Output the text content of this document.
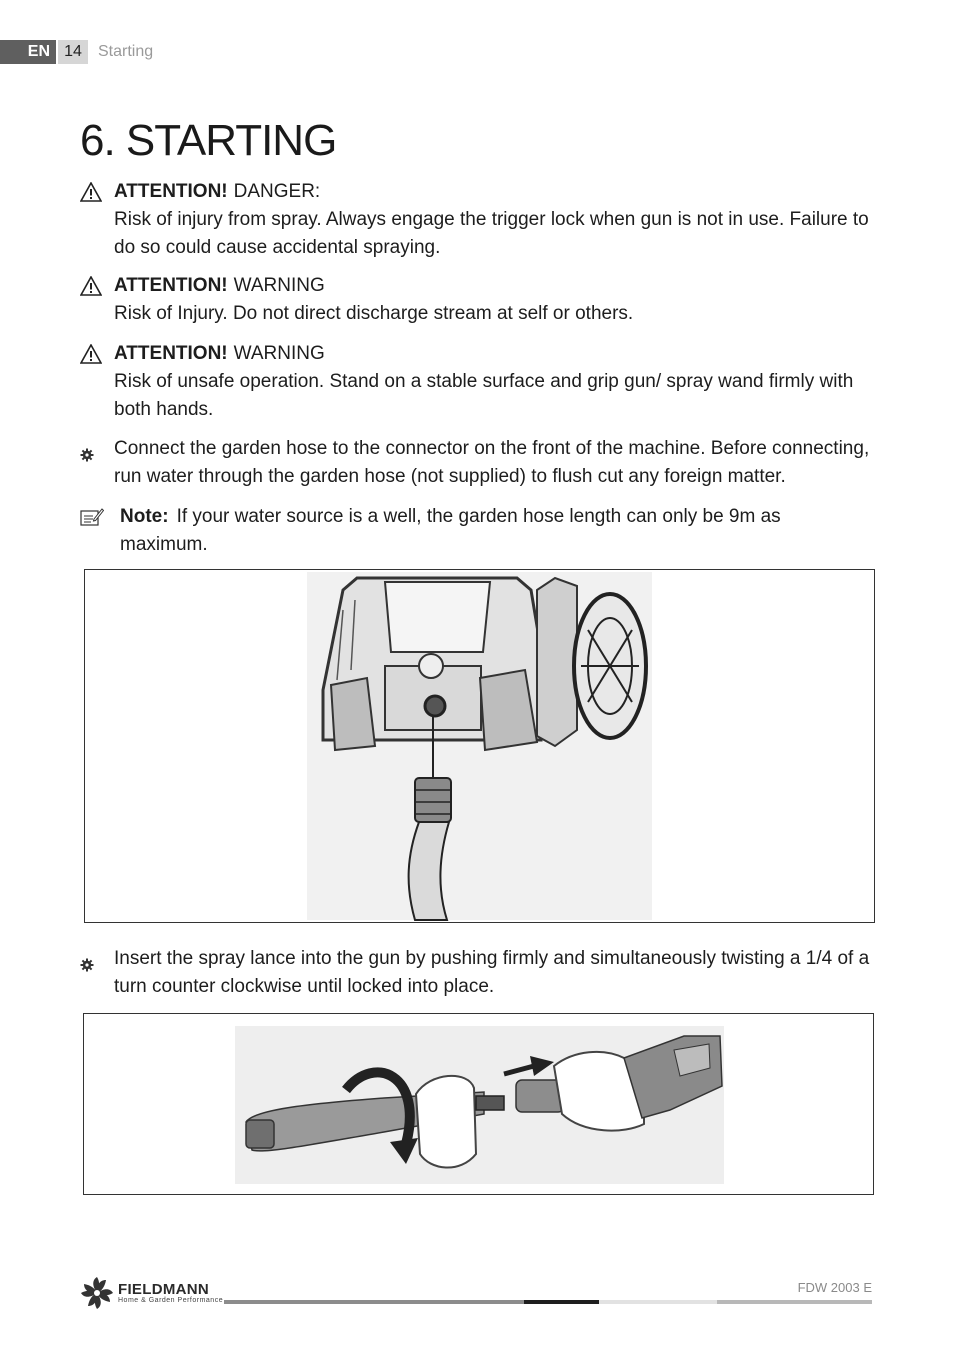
EN 14	Starting
6. STARTING
ATTENTION! DANGER:
Risk of injury from spray. Always engage the trigger lock when gun is not in use. Failure to do so could cause accidental spraying.
ATTENTION! WARNING
Risk of Injury. Do not direct discharge stream at self or others.
ATTENTION! WARNING
Risk of unsafe operation. Stand on a stable surface and grip gun/ spray wand firmly with both hands.
Connect the garden hose to the connector on the front of the machine. Before connecting, run water through the garden hose (not supplied) to flush cut any foreign matter.
Note: If your water source is a well, the garden hose length can only be 9m as maximum.
Insert the spray lance into the gun by pushing firmly and simultaneously twisting a 1/4 of a turn counter clockwise until locked into place.
FIELDMANN
Home & Garden Performance
FDW 2003 E
